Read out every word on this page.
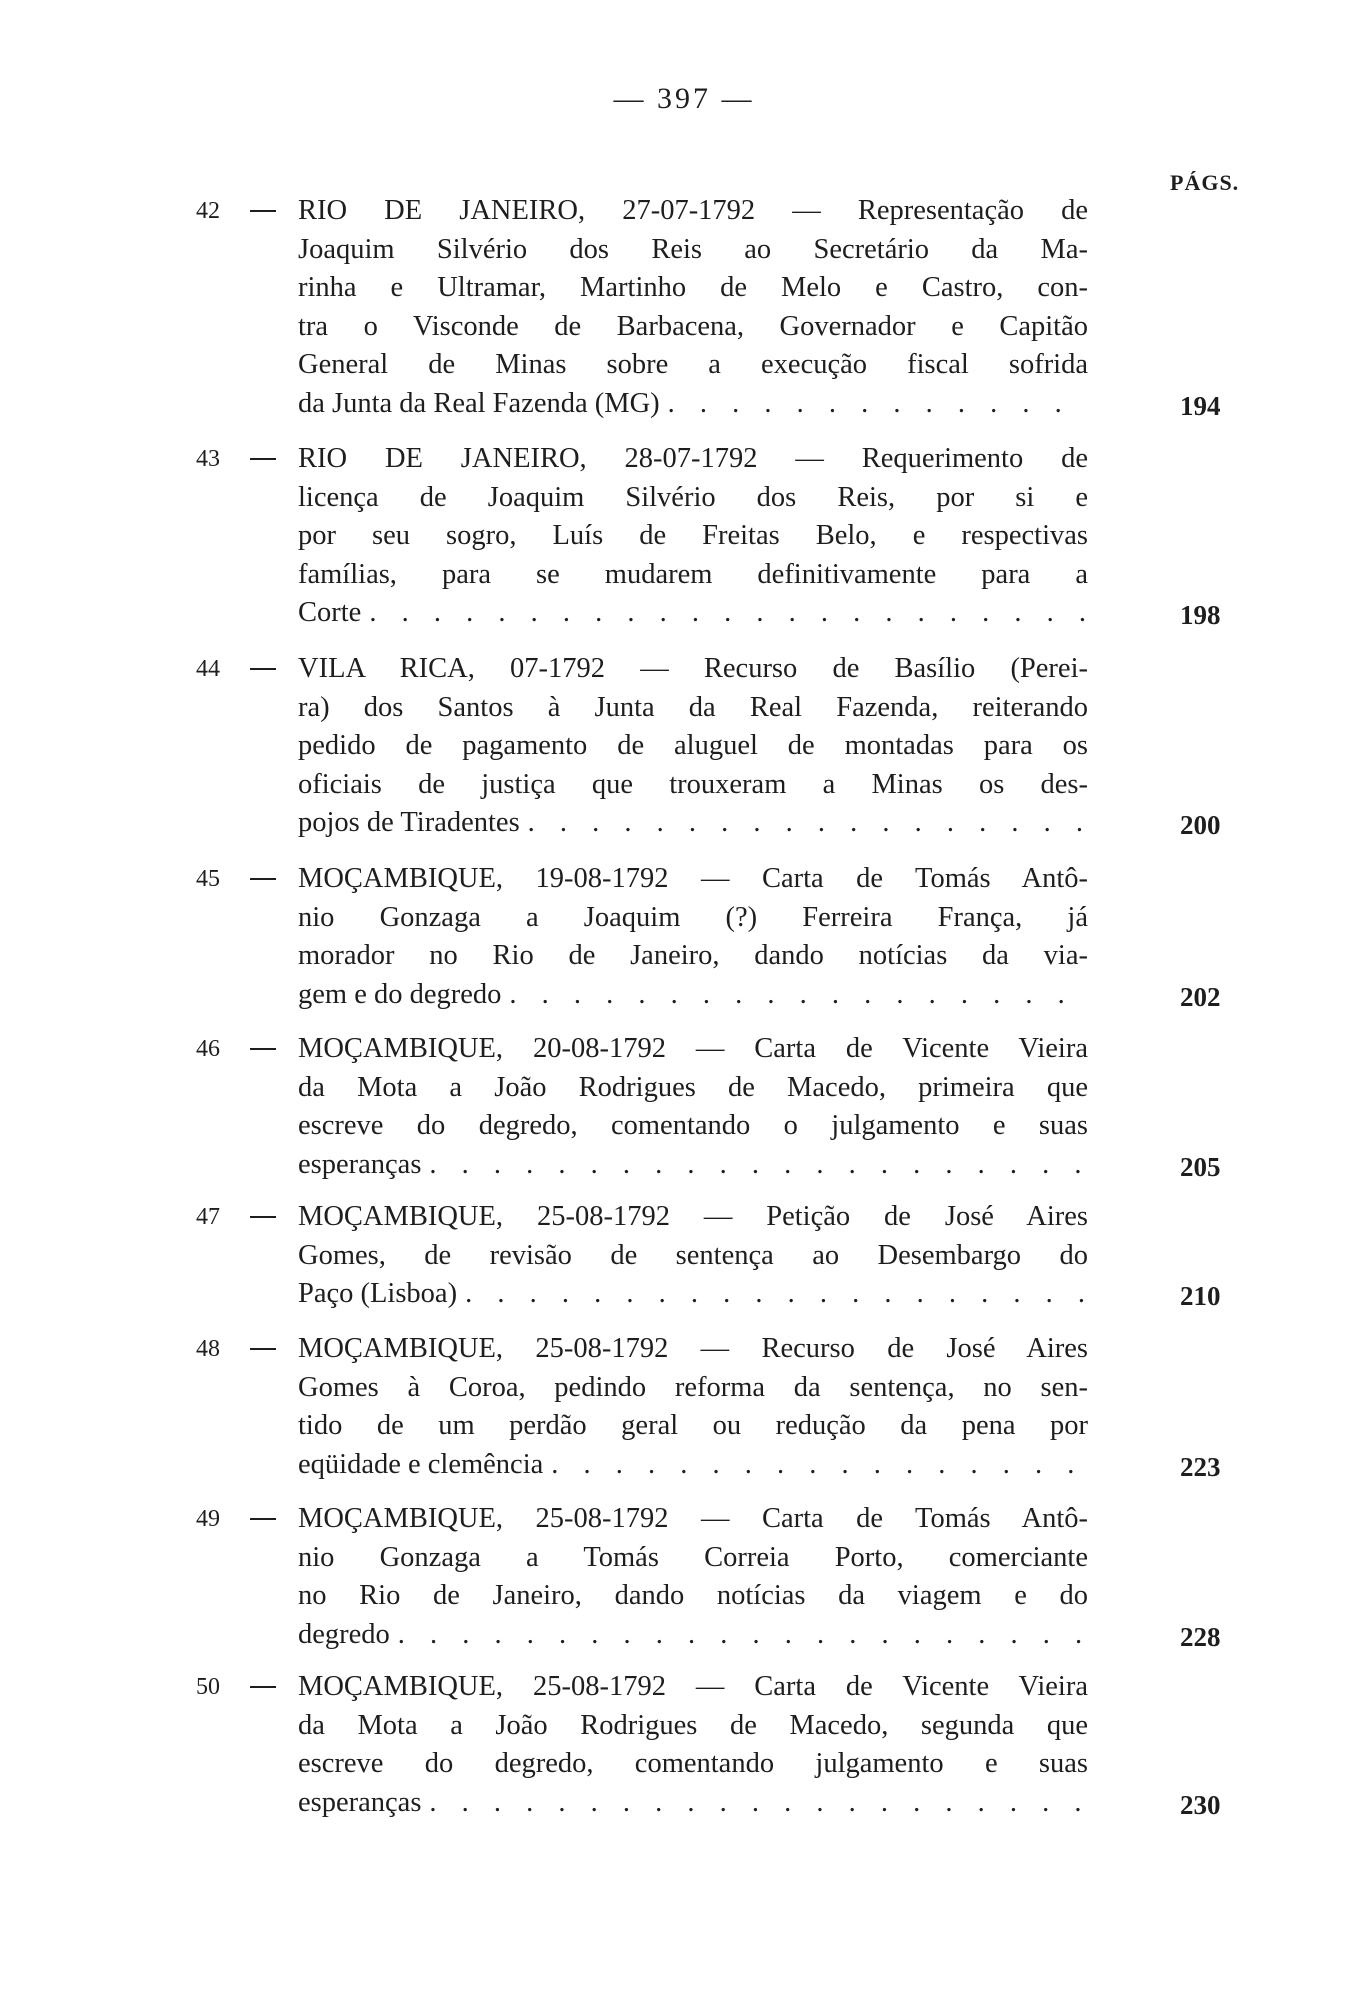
— 397 —
PÁGS.
42	RIO DE JANEIRO, 27-07-1792 — Representação de
Joaquim Silvério dos Reis ao Secretário da Ma-
rinha e Ultramar, Martinho de Melo e Castro, con-
tra o Visconde de Barbacena, Governador e Capitão
General de Minas sobre a execução fiscal sofrida
da Junta da Real Fazenda (MG) . . .	194
43	RIO DE JANEIRO, 28-07-1792 — Requerimento de
licença de Joaquim Silvério dos Reis, por si e
por seu sogro, Luís de Freitas Belo, e respectivas
famílias, para se mudarem definitivamente para a
Corte . . .	198
44	VILA RICA, 07-1792 — Recurso de Basílio (Perei-
ra) dos Santos à Junta da Real Fazenda, reiterando
pedido de pagamento de aluguel de montadas para os
oficiais de justiça que trouxeram a Minas os des-
pojos de Tiradentes . . .	200
45	MOÇAMBIQUE, 19-08-1792 — Carta de Tomás Antô-
nio Gonzaga a Joaquim (?) Ferreira França, já
morador no Rio de Janeiro, dando notícias da via-
gem e do degredo . . .	202
46	MOÇAMBIQUE, 20-08-1792 — Carta de Vicente Vieira
da Mota a João Rodrigues de Macedo, primeira que
escreve do degredo, comentando o julgamento e suas
esperanças . . .	205
47	MOÇAMBIQUE, 25-08-1792 — Petição de José Aires
Gomes, de revisão de sentença ao Desembargo do
Paço (Lisboa) . . .	210
48	MOÇAMBIQUE, 25-08-1792 — Recurso de José Aires
Gomes à Coroa, pedindo reforma da sentença, no sen-
tido de um perdão geral ou redução da pena por
eqüidade e clemência . . .	223
49	MOÇAMBIQUE, 25-08-1792 — Carta de Tomás Antô-
nio Gonzaga a Tomás Correia Porto, comerciante
no Rio de Janeiro, dando notícias da viagem e do
degredo . . .	228
50	MOÇAMBIQUE, 25-08-1792 — Carta de Vicente Vieira
da Mota a João Rodrigues de Macedo, segunda que
escreve do degredo, comentando julgamento e suas
esperanças . . .	230
